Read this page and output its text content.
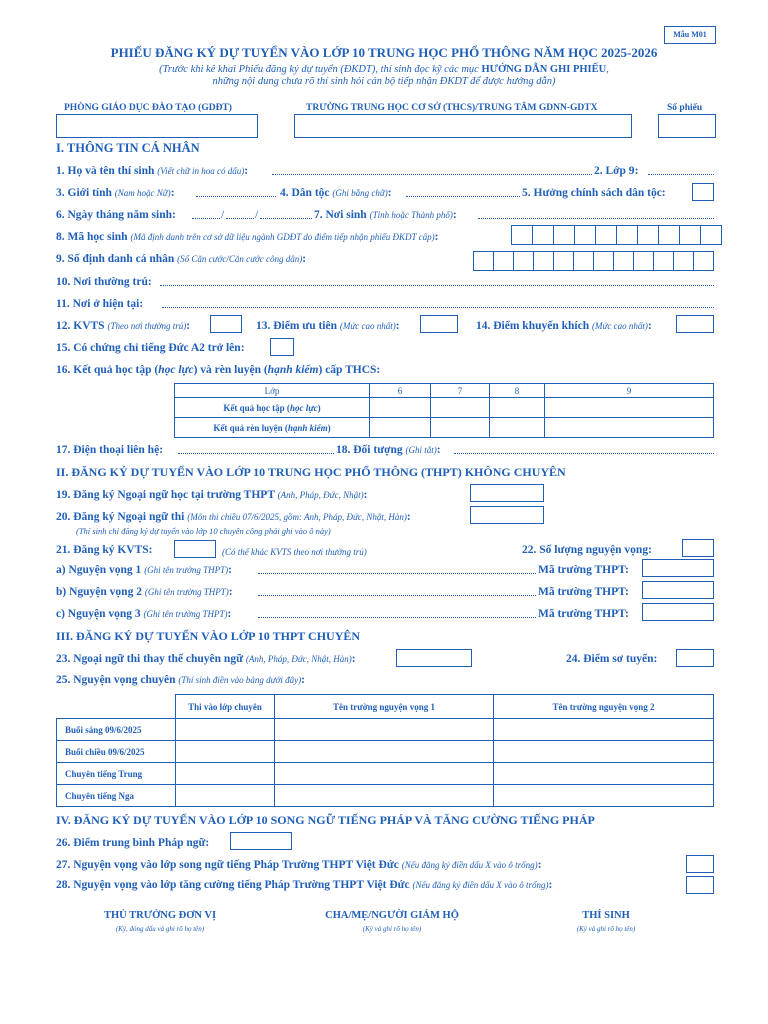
Mẫu M01
PHIẾU ĐĂNG KÝ DỰ TUYỂN VÀO LỚP 10 TRUNG HỌC PHỔ THÔNG NĂM HỌC 2025-2026
(Trước khi kê khai Phiếu đăng ký dự tuyển (ĐKDT), thí sinh đọc kỹ các mục HƯỚNG DẪN GHI PHIẾU,
những nội dung chưa rõ thí sinh hỏi cán bộ tiếp nhận ĐKDT để được hướng dẫn)
PHÒNG GIÁO DỤC ĐÀO TẠO (GDĐT)	TRƯỜNG TRUNG HỌC CƠ SỞ (THCS)/TRUNG TÂM GDNN-GDTX	Số phiếu
I. THÔNG TIN CÁ NHÂN
1. Họ và tên thí sinh (Viết chữ in hoa có dấu):	2. Lớp 9:
3. Giới tính (Nam hoặc Nữ):	4. Dân tộc (Ghi bằng chữ):	5. Hưởng chính sách dân tộc:
6. Ngày tháng năm sinh:	/	/	7. Nơi sinh (Tỉnh hoặc Thành phố):
8. Mã học sinh (Mã định danh trên cơ sở dữ liệu ngành GDĐT do điểm tiếp nhận phiếu ĐKDT cấp):
9. Số định danh cá nhân (Số Căn cước/Căn cước công dân):
10. Nơi thường trú:
11. Nơi ở hiện tại:
12. KVTS (Theo nơi thường trú):	13. Điểm ưu tiên (Mức cao nhất):	14. Điểm khuyến khích (Mức cao nhất):
15. Có chứng chỉ tiếng Đức A2 trở lên:
16. Kết quả học tập (học lực) và rèn luyện (hạnh kiểm) cấp THCS:
Lớp	6	7	8	9
Kết quả học tập (học lực)				
Kết quả rèn luyện (hạnh kiểm)				
17. Điện thoại liên hệ:	18. Đối tượng (Ghi tắt):
II. ĐĂNG KÝ DỰ TUYỂN VÀO LỚP 10 TRUNG HỌC PHỔ THÔNG (THPT) KHÔNG CHUYÊN
19. Đăng ký Ngoại ngữ học tại trường THPT (Anh, Pháp, Đức, Nhật):
20. Đăng ký Ngoại ngữ thi (Môn thi chiều 07/6/2025, gồm: Anh, Pháp, Đức, Nhật, Hàn):
(Thí sinh chỉ đăng ký dự tuyển vào lớp 10 chuyên công phải ghi vào ô này)
21. Đăng ký KVTS:	(Có thể khác KVTS theo nơi thường trú)	22. Số lượng nguyện vọng:
a) Nguyện vọng 1 (Ghi tên trường THPT):	Mã trường THPT:
b) Nguyện vọng 2 (Ghi tên trường THPT):	Mã trường THPT:
c) Nguyện vọng 3 (Ghi tên trường THPT):	Mã trường THPT:
III. ĐĂNG KÝ DỰ TUYỂN VÀO LỚP 10 THPT CHUYÊN
23. Ngoại ngữ thi thay thế chuyên ngữ (Anh, Pháp, Đức, Nhật, Hàn):	24. Điểm sơ tuyển:
25. Nguyện vọng chuyên (Thí sinh điền vào bảng dưới đây):
	Thi vào lớp chuyên	Tên trường nguyện vọng 1	Tên trường nguyện vọng 2
Buổi sáng 09/6/2025			
Buổi chiều 09/6/2025			
Chuyên tiếng Trung			
Chuyên tiếng Nga			
IV. ĐĂNG KÝ DỰ TUYỂN VÀO LỚP 10 SONG NGỮ TIẾNG PHÁP VÀ TĂNG CƯỜNG TIẾNG PHÁP
26. Điểm trung bình Pháp ngữ:
27. Nguyện vọng vào lớp song ngữ tiếng Pháp Trường THPT Việt Đức (Nếu đăng ký điền dấu X vào ô trống):
28. Nguyện vọng vào lớp tăng cường tiếng Pháp Trường THPT Việt Đức (Nếu đăng ký điền dấu X vào ô trống):
THỦ TRƯỞNG ĐƠN VỊ
(Ký, đóng dấu và ghi rõ họ tên)
CHA/MẸ/NGƯỜI GIÁM HỘ
(Ký và ghi rõ họ tên)
THÍ SINH
(Ký và ghi rõ họ tên)
